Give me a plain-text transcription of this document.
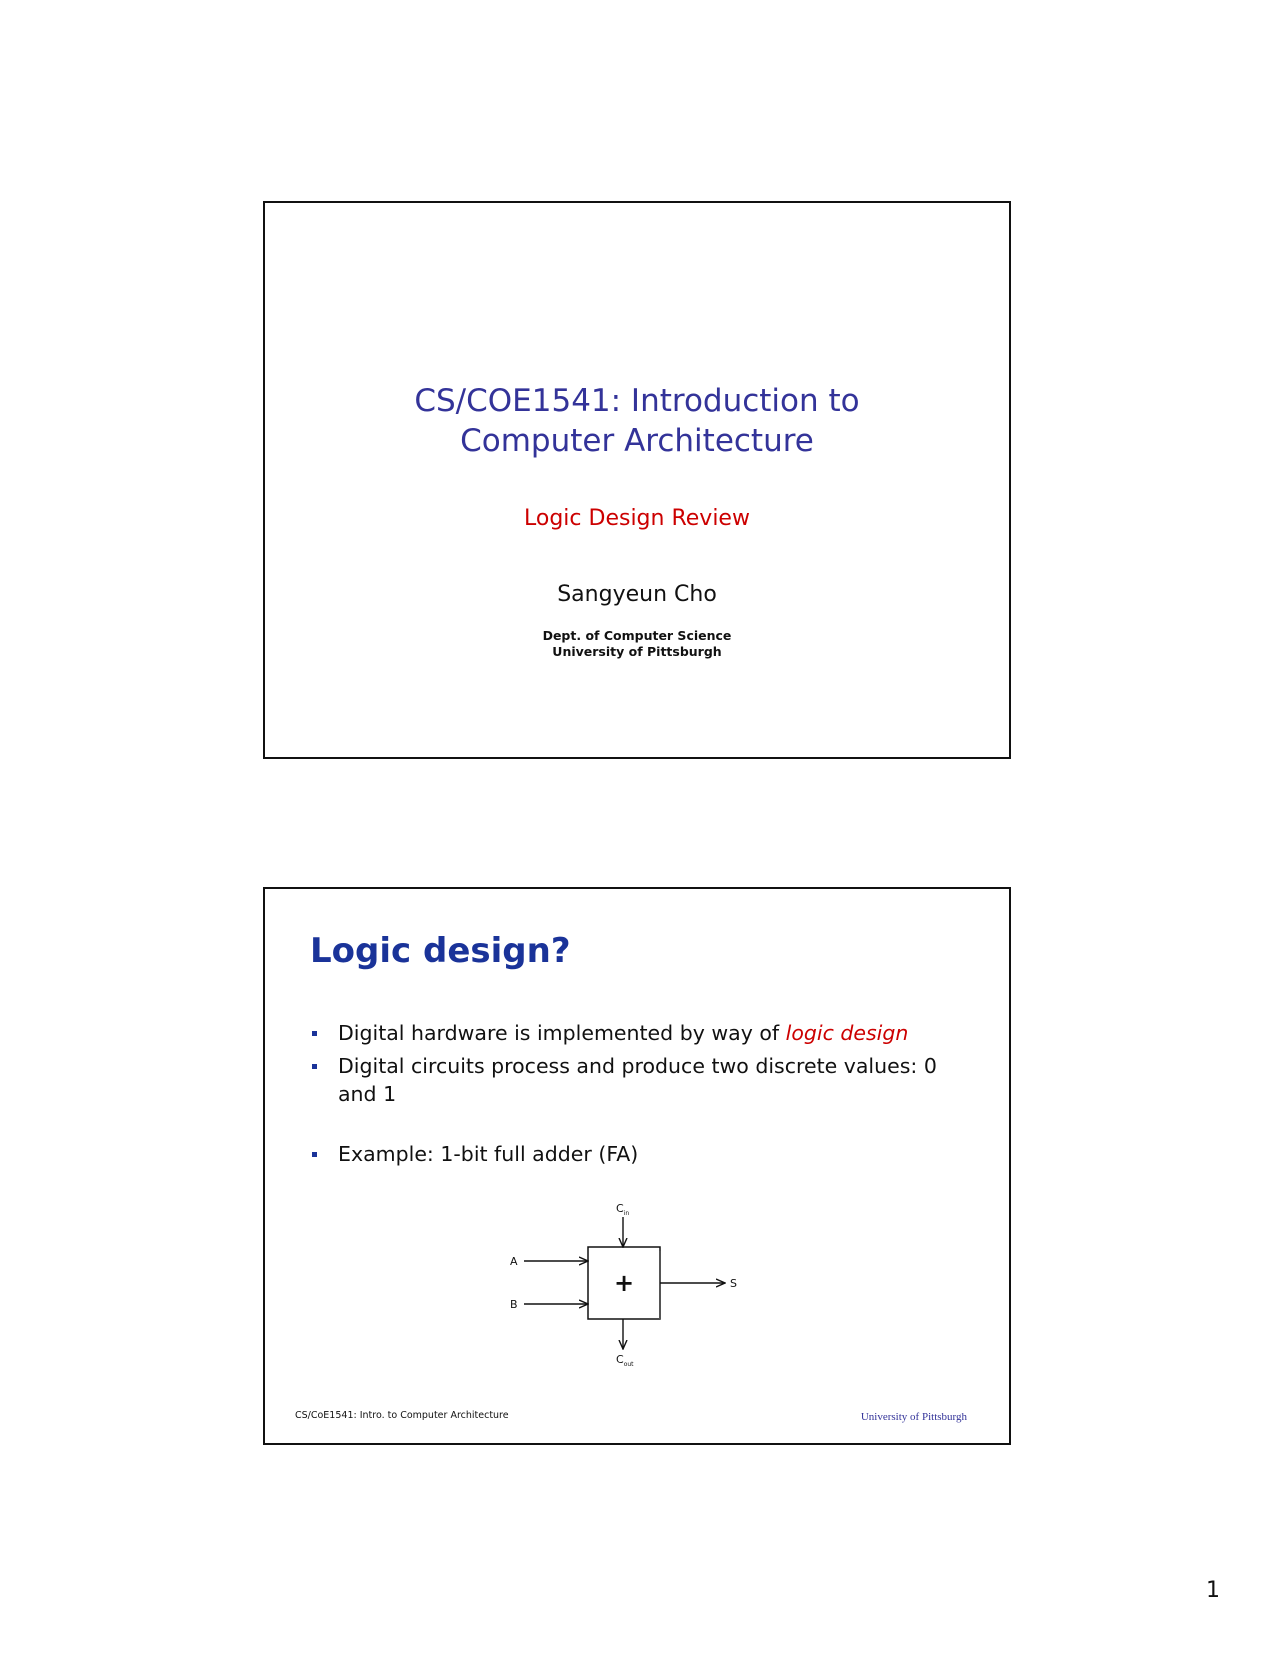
CS/COE1541: Introduction to
Computer Architecture
Logic Design Review
Sangyeun Cho
Dept. of Computer Science
University of Pittsburgh
Logic design?
Digital hardware is implemented by way of logic design
Digital circuits process and produce two discrete values: 0 and 1
Example: 1-bit full adder (FA)
+
A
B
S
$C_{in}$
$C_{out}$
CS/CoE1541: Intro. to Computer Architecture	University of Pittsburgh
1
